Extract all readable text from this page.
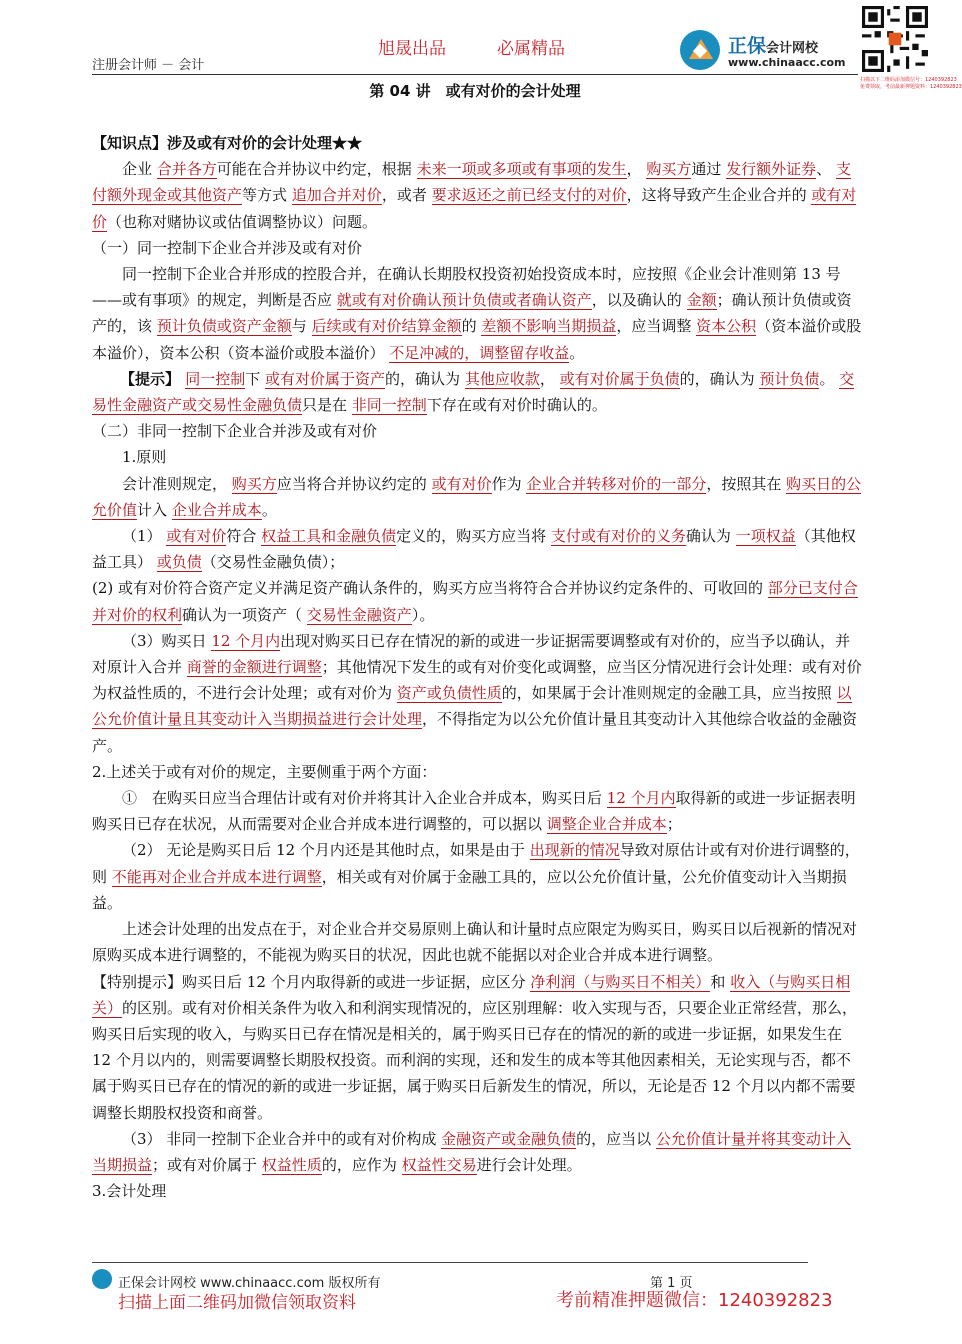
注册会计师 － 会计
旭晟出品	必属精品	正保会计网校
www.chinaacc.com
扫描以下二维码添加微信号：1240392823
免费领取，考前最新押题资料：1240392823
第 04 讲　或有对价的会计处理

【知识点】涉及或有对价的会计处理★★

企业 合并各方可能在合并协议中约定，根据 未来一项或多项或有事项的发生， 购买方通过 发行额外证券、 支付额外现金或其他资产等方式 追加合并对价，或者 要求返还之前已经支付的对价，这将导致产生企业合并的 或有对价（也称对赌协议或估值调整协议）问题。

（一）同一控制下企业合并涉及或有对价

同一控制下企业合并形成的控股合并，在确认长期股权投资初始投资成本时，应按照《企业会计准则第 13 号——或有事项》的规定，判断是否应 就或有对价确认预计负债或者确认资产，以及确认的 金额；确认预计负债或资产的，该 预计负债或资产金额与 后续或有对价结算金额的 差额不影响当期损益，应当调整 资本公积（资本溢价或股本溢价），资本公积（资本溢价或股本溢价） 不足冲减的，调整留存收益。

【提示】 同一控制下 或有对价属于资产的，确认为 其他应收款， 或有对价属于负债的，确认为 预计负债。 交易性金融资产或交易性金融负债只是在 非同一控制下存在或有对价时确认的。

（二）非同一控制下企业合并涉及或有对价

1.原则

会计准则规定， 购买方应当将合并协议约定的 或有对价作为 企业合并转移对价的一部分，按照其在 购买日的公允价值计入 企业合并成本。

（1） 或有对价符合 权益工具和金融负债定义的，购买方应当将 支付或有对价的义务确认为 一项权益（其他权益工具） 或负债（交易性金融负债）；

(2) 或有对价符合资产定义并满足资产确认条件的，购买方应当将符合合并协议约定条件的、可收回的 部分已支付合并对价的权利确认为一项资产（ 交易性金融资产）。

（3）购买日 12 个月内出现对购买日已存在情况的新的或进一步证据需要调整或有对价的，应当予以确认，并对原计入合并 商誉的金额进行调整；其他情况下发生的或有对价变化或调整，应当区分情况进行会计处理：或有对价为权益性质的，不进行会计处理；或有对价为 资产或负债性质的，如果属于会计准则规定的金融工具，应当按照 以公允价值计量且其变动计入当期损益进行会计处理，不得指定为以公允价值计量且其变动计入其他综合收益的金融资产。

2.上述关于或有对价的规定，主要侧重于两个方面：

①　在购买日应当合理估计或有对价并将其计入企业合并成本，购买日后 12 个月内取得新的或进一步证据表明购买日已存在状况，从而需要对企业合并成本进行调整的，可以据以 调整企业合并成本；

（2） 无论是购买日后 12 个月内还是其他时点，如果是由于 出现新的情况导致对原估计或有对价进行调整的，则 不能再对企业合并成本进行调整，相关或有对价属于金融工具的，应以公允价值计量，公允价值变动计入当期损益。

上述会计处理的出发点在于，对企业合并交易原则上确认和计量时点应限定为购买日，购买日以后视新的情况对原购买成本进行调整的，不能视为购买日的状况，因此也就不能据以对企业合并成本进行调整。

【特别提示】购买日后 12 个月内取得新的或进一步证据，应区分 净利润（与购买日不相关）和 收入（与购买日相关）的区别。或有对价相关条件为收入和利润实现情况的，应区别理解：收入实现与否，只要企业正常经营，那么，购买日后实现的收入，与购买日已存在情况是相关的，属于购买日已存在的情况的新的或进一步证据，如果发生在 12 个月以内的，则需要调整长期股权投资。而利润的实现，还和发生的成本等其他因素相关，无论实现与否，都不属于购买日已存在的情况的新的或进一步证据，属于购买日后新发生的情况，所以，无论是否 12 个月以内都不需要调整长期股权投资和商誉。

（3） 非同一控制下企业合并中的或有对价构成 金融资产或金融负债的，应当以 公允价值计量并将其变动计入当期损益；或有对价属于 权益性质的，应作为 权益性交易进行会计处理。

3.会计处理

正保会计网校 www.chinaacc.com 版权所有	第 1 页
扫描上面二维码加微信领取资料	考前精准押题微信：1240392823
